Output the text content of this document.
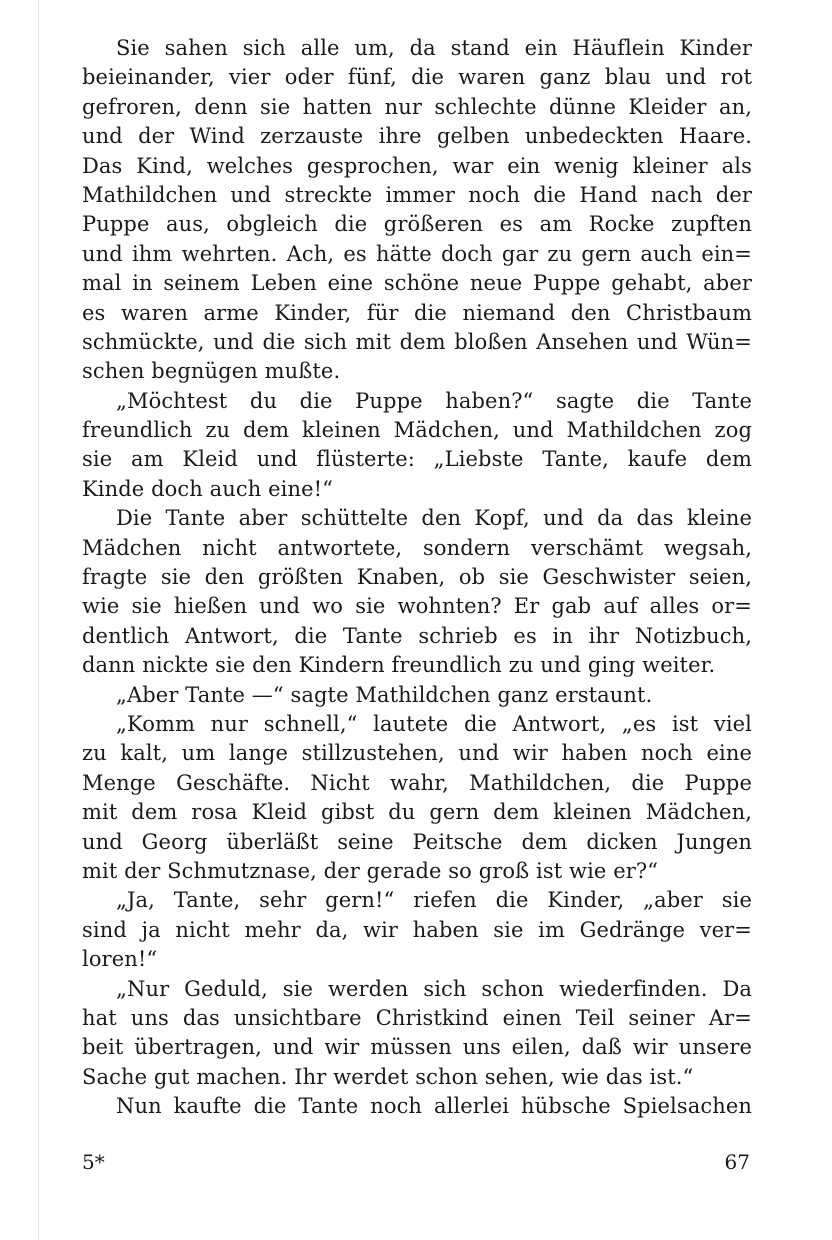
Sie sahen sich alle um, da stand ein Häuflein Kinder
beieinander, vier oder fünf, die waren ganz blau und rot
gefroren, denn sie hatten nur schlechte dünne Kleider an,
und der Wind zerzauste ihre gelben unbedeckten Haare.
Das Kind, welches gesprochen, war ein wenig kleiner als
Mathildchen und streckte immer noch die Hand nach der
Puppe aus, obgleich die größeren es am Rocke zupften
und ihm wehrten. Ach, es hätte doch gar zu gern auch ein=
mal in seinem Leben eine schöne neue Puppe gehabt, aber
es waren arme Kinder, für die niemand den Christbaum
schmückte, und die sich mit dem bloßen Ansehen und Wün=
schen begnügen mußte.
„Möchtest du die Puppe haben?“ sagte die Tante
freundlich zu dem kleinen Mädchen, und Mathildchen zog
sie am Kleid und flüsterte: „Liebste Tante, kaufe dem
Kinde doch auch eine!“
Die Tante aber schüttelte den Kopf, und da das kleine
Mädchen nicht antwortete, sondern verschämt wegsah,
fragte sie den größten Knaben, ob sie Geschwister seien,
wie sie hießen und wo sie wohnten? Er gab auf alles or=
dentlich Antwort, die Tante schrieb es in ihr Notizbuch,
dann nickte sie den Kindern freundlich zu und ging weiter.
„Aber Tante —“ sagte Mathildchen ganz erstaunt.
„Komm nur schnell,“ lautete die Antwort, „es ist viel
zu kalt, um lange stillzustehen, und wir haben noch eine
Menge Geschäfte. Nicht wahr, Mathildchen, die Puppe
mit dem rosa Kleid gibst du gern dem kleinen Mädchen,
und Georg überläßt seine Peitsche dem dicken Jungen
mit der Schmutznase, der gerade so groß ist wie er?“
„Ja, Tante, sehr gern!“ riefen die Kinder, „aber sie
sind ja nicht mehr da, wir haben sie im Gedränge ver=
loren!“
„Nur Geduld, sie werden sich schon wiederfinden. Da
hat uns das unsichtbare Christkind einen Teil seiner Ar=
beit übertragen, und wir müssen uns eilen, daß wir unsere
Sache gut machen. Ihr werdet schon sehen, wie das ist.“
Nun kaufte die Tante noch allerlei hübsche Spielsachen
5*	67
